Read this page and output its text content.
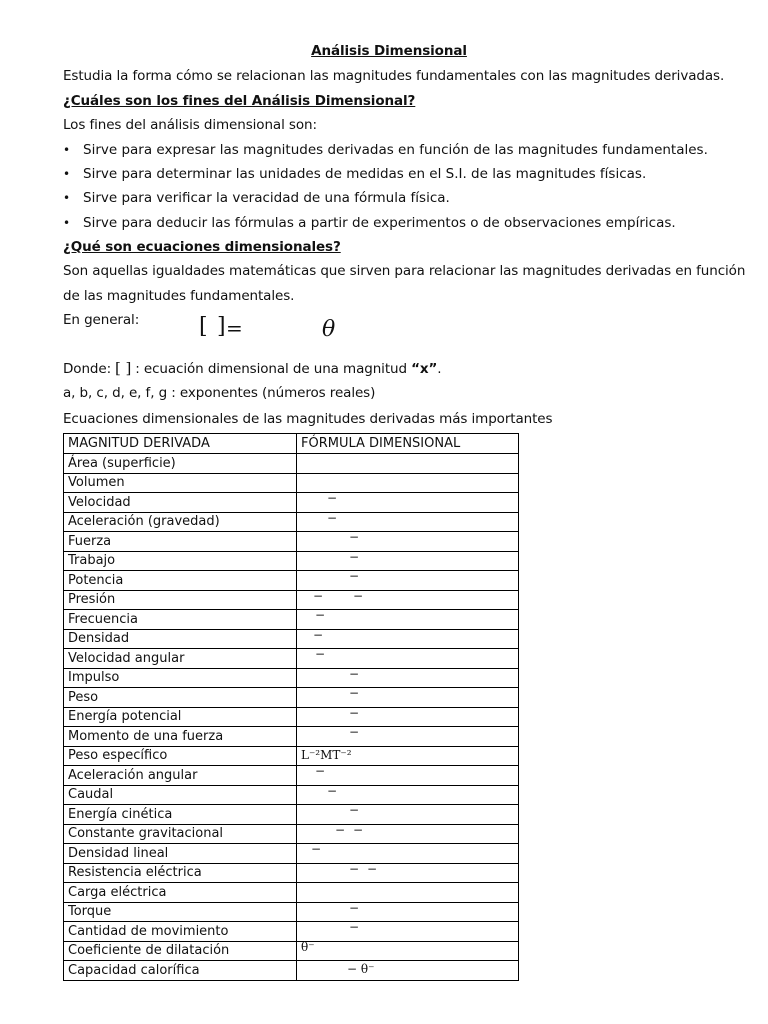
Análisis Dimensional
Estudia la forma cómo se relacionan las magnitudes fundamentales con las magnitudes derivadas.
¿Cuáles son los fines del Análisis Dimensional?
Los fines del análisis dimensional son:
• Sirve para expresar las magnitudes derivadas en función de las magnitudes fundamentales.
• Sirve para determinar las unidades de medidas en el S.I. de las magnitudes físicas.
• Sirve para verificar la veracidad de una fórmula física.
• Sirve para deducir las fórmulas a partir de experimentos o de observaciones empíricas.
¿Qué son ecuaciones dimensionales?
Son aquellas igualdades matemáticas que sirven para relacionar las magnitudes derivadas en función
de las magnitudes fundamentales.
En general:	[ ] =	θ
Donde: [ ] : ecuación dimensional de una magnitud “x”.
a, b, c, d, e, f, g : exponentes (números reales)
Ecuaciones dimensionales de las magnitudes derivadas más importantes
MAGNITUD DERIVADA	FÓRMULA DIMENSIONAL
Área (superficie)	
Volumen	
Velocidad	−

Aceleración (gravedad)	−

Fuerza	−

Trabajo	−

Potencia	−

Presión	− −

Frecuencia	−

Densidad	−

Velocidad angular	−

Impulso	−

Peso	−

Energía potencial	−

Momento de una fuerza	−

Peso específico	L⁻²MT⁻²

Aceleración angular	−

Caudal	−

Energía cinética	−

Constante gravitacional	− −

Densidad lineal	−

Resistencia eléctrica	− −

Carga eléctrica	
Torque	−

Cantidad de movimiento	−

Coeficiente de dilatación	θ⁻

Capacidad calorífica	− θ⁻
